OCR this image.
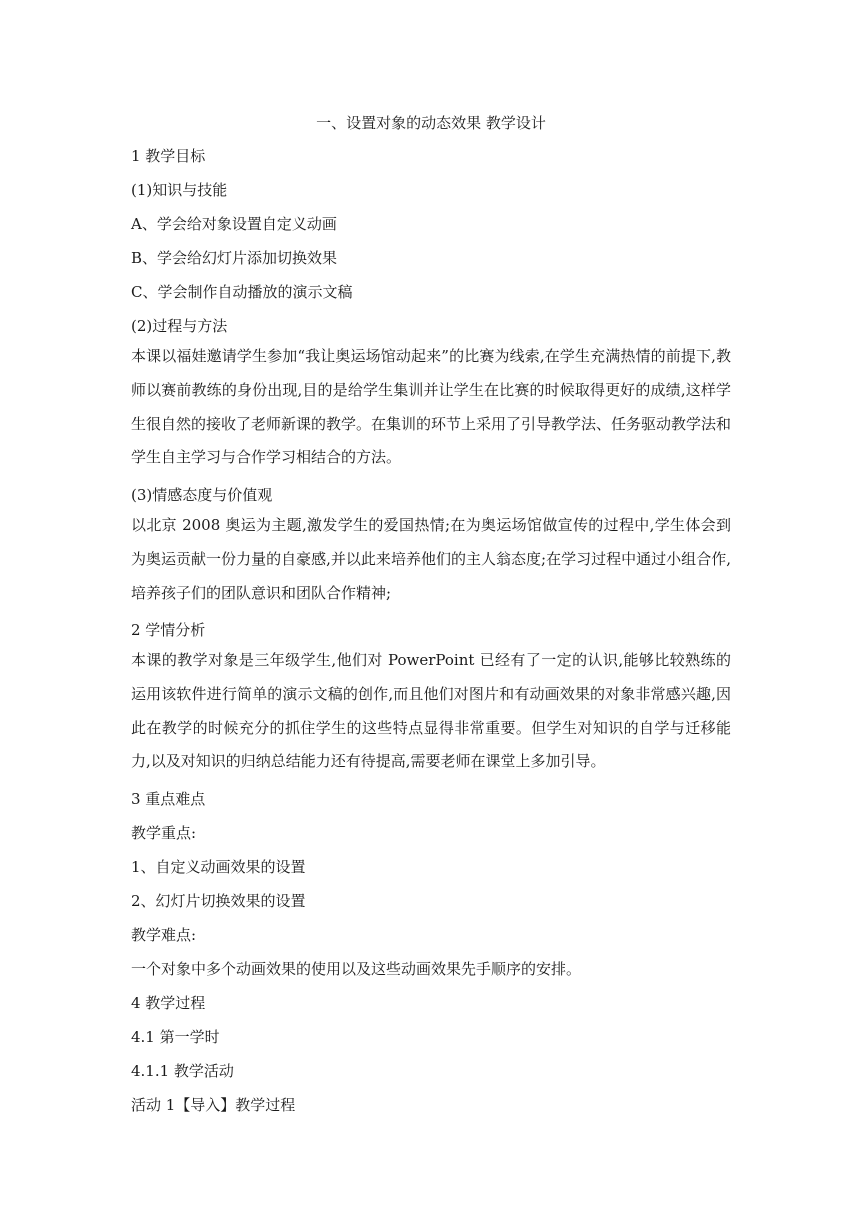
一、设置对象的动态效果 教学设计
1 教学目标
(1)知识与技能
A、学会给对象设置自定义动画
B、学会给幻灯片添加切换效果
C、学会制作自动播放的演示文稿
(2)过程与方法
本课以福娃邀请学生参加“我让奥运场馆动起来”的比赛为线索,在学生充满热情的前提下,教师以赛前教练的身份出现,目的是给学生集训并让学生在比赛的时候取得更好的成绩,这样学生很自然的接收了老师新课的教学。在集训的环节上采用了引导教学法、任务驱动教学法和学生自主学习与合作学习相结合的方法。
(3)情感态度与价值观
以北京 2008 奥运为主题,激发学生的爱国热情;在为奥运场馆做宣传的过程中,学生体会到为奥运贡献一份力量的自豪感,并以此来培养他们的主人翁态度;在学习过程中通过小组合作,培养孩子们的团队意识和团队合作精神;
2 学情分析
本课的教学对象是三年级学生,他们对 PowerPoint 已经有了一定的认识,能够比较熟练的运用该软件进行简单的演示文稿的创作,而且他们对图片和有动画效果的对象非常感兴趣,因此在教学的时候充分的抓住学生的这些特点显得非常重要。但学生对知识的自学与迁移能力,以及对知识的归纳总结能力还有待提高,需要老师在课堂上多加引导。
3 重点难点
教学重点:
1、自定义动画效果的设置
2、幻灯片切换效果的设置
教学难点:
一个对象中多个动画效果的使用以及这些动画效果先手顺序的安排。
4 教学过程
4.1 第一学时
4.1.1 教学活动
活动 1【导入】教学过程
